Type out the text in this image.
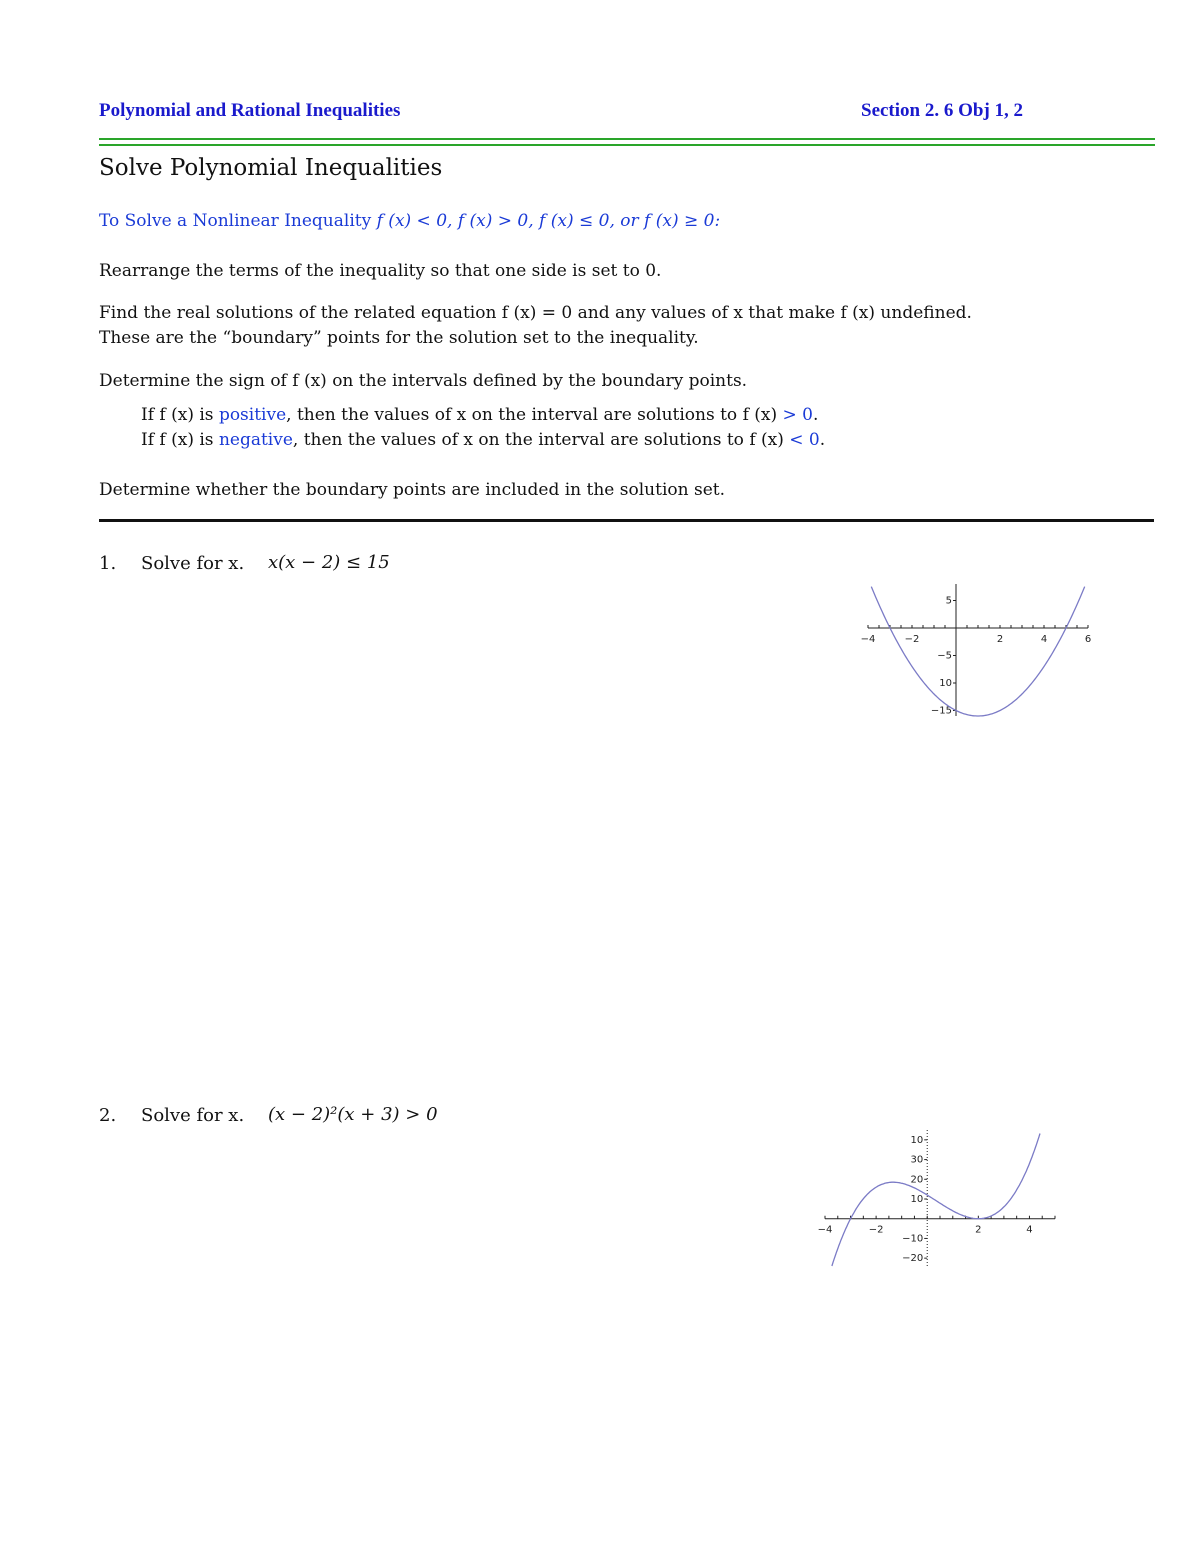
Polynomial and Rational Inequalities	Section 2. 6 Obj 1, 2
Solve Polynomial Inequalities
To Solve a Nonlinear Inequality f (x) < 0, f (x) > 0, f (x) ≤ 0, or f (x) ≥ 0:
Rearrange the terms of the inequality so that one side is set to 0.
Find the real solutions of the related equation f (x) = 0 and any values of x that make f (x) undefined.
These are the “boundary” points for the solution set to the inequality.
Determine the sign of f (x) on the intervals defined by the boundary points.
If f (x) is positive, then the values of x on the interval are solutions to f (x) > 0.
If f (x) is negative, then the values of x on the interval are solutions to f (x) < 0.
Determine whether the boundary points are included in the solution set.
1. Solve for x. x(x − 2) ≤ 15
−4	−2	2	4	6
5
−5
10
−15
2. Solve for x. (x − 2)²(x + 3) > 0
−4	−2	2	4
10
30
20
10
−10
−20
